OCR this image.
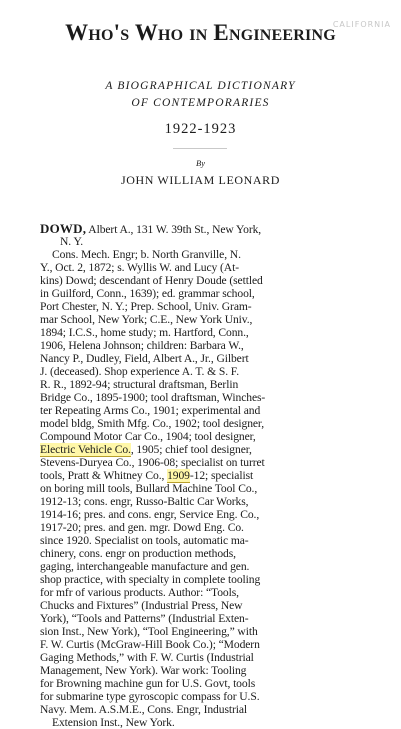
CALIFORNIA
Who's Who in Engineering
A BIOGRAPHICAL DICTIONARY
OF CONTEMPORARIES
1922-1923
By
JOHN WILLIAM LEONARD
DOWD, Albert A., 131 W. 39th St., New York,
N. Y.
Cons. Mech. Engr; b. North Granville, N.
Y., Oct. 2, 1872; s. Wyllis W. and Lucy (At-
kins) Dowd; descendant of Henry Doude (settled
in Guilford, Conn., 1639); ed. grammar school,
Port Chester, N. Y.; Prep. School, Univ. Gram-
mar School, New York; C.E., New York Univ.,
1894; I.C.S., home study; m. Hartford, Conn.,
1906, Helena Johnson; children: Barbara W.,
Nancy P., Dudley, Field, Albert A., Jr., Gilbert
J. (deceased). Shop experience A. T. & S. F.
R. R., 1892-94; structural draftsman, Berlin
Bridge Co., 1895-1900; tool draftsman, Winches-
ter Repeating Arms Co., 1901; experimental and
model bldg, Smith Mfg. Co., 1902; tool designer,
Compound Motor Car Co., 1904; tool designer,
Electric Vehicle Co., 1905; chief tool designer,
Stevens-Duryea Co., 1906-08; specialist on turret
tools, Pratt & Whitney Co., 1909-12; specialist
on boring mill tools, Bullard Machine Tool Co.,
1912-13; cons. engr, Russo-Baltic Car Works,
1914-16; pres. and cons. engr, Service Eng. Co.,
1917-20; pres. and gen. mgr. Dowd Eng. Co.
since 1920. Specialist on tools, automatic ma-
chinery, cons. engr on production methods,
gaging, interchangeable manufacture and gen.
shop practice, with specialty in complete tooling
for mfr of various products. Author: “Tools,
Chucks and Fixtures” (Industrial Press, New
York), “Tools and Patterns” (Industrial Exten-
sion Inst., New York), “Tool Engineering,” with
F. W. Curtis (McGraw-Hill Book Co.); “Modern
Gaging Methods,” with F. W. Curtis (Industrial
Management, New York). War work: Tooling
for Browning machine gun for U.S. Govt, tools
for submarine type gyroscopic compass for U.S.
Navy. Mem. A.S.M.E., Cons. Engr, Industrial
Extension Inst., New York.
